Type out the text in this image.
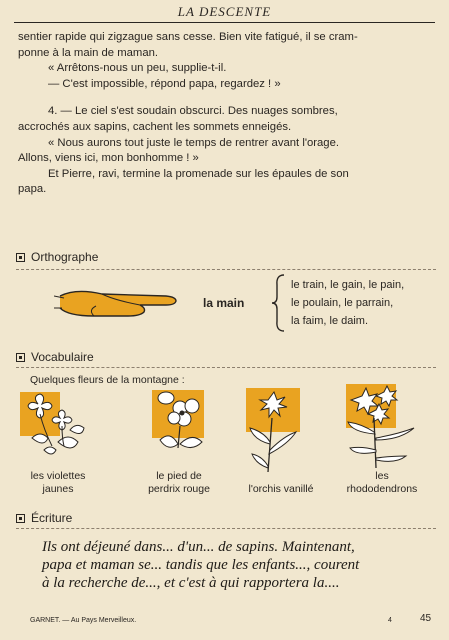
LA DESCENTE

sentier rapide qui zigzague sans cesse. Bien vite fatigué, il se cram-

ponne à la main de maman.

« Arrêtons-nous un peu, supplie-t-il.

— C'est impossible, répond papa, regardez ! »

4. — Le ciel s'est soudain obscurci. Des nuages sombres,

accrochés aux sapins, cachent les sommets enneigés.

« Nous aurons tout juste le temps de rentrer avant l'orage.

Allons, viens ici, mon bonhomme ! »

Et Pierre, ravi, termine la promenade sur les épaules de son

papa.

Orthographe
la main
le train, le gain, le pain,
le poulain, le parrain,
la faim, le daim.
Vocabulaire
Quelques fleurs de la montagne :
les violettes
jaunes
le pied de
perdrix rouge	l'orchis vanillé
les
rhododendrons
Écriture
Ils ont déjeuné dans... d'un... de sapins. Maintenant,
papa et maman se... tandis que les enfants..., courent
à la recherche de..., et c'est à qui rapportera la....
GARNET. — Au Pays Merveilleux.	4	45
